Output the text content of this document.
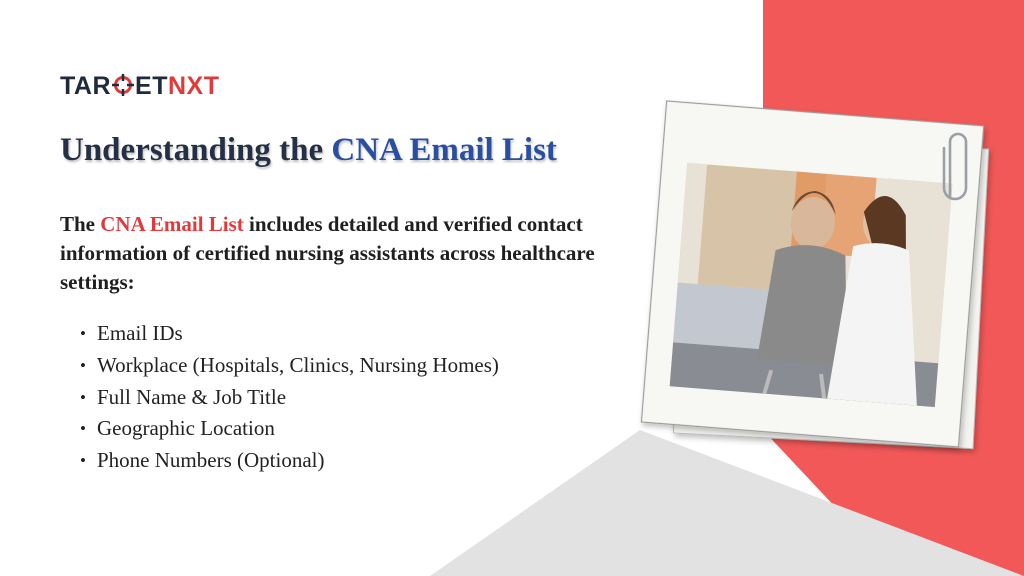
TAR ET NXT
Understanding the CNA Email List

The CNA Email List includes detailed and verified contact information of certified nursing assistants across healthcare settings:

• Email IDs
• Workplace (Hospitals, Clinics, Nursing Homes)
• Full Name & Job Title
• Geographic Location
• Phone Numbers (Optional)
